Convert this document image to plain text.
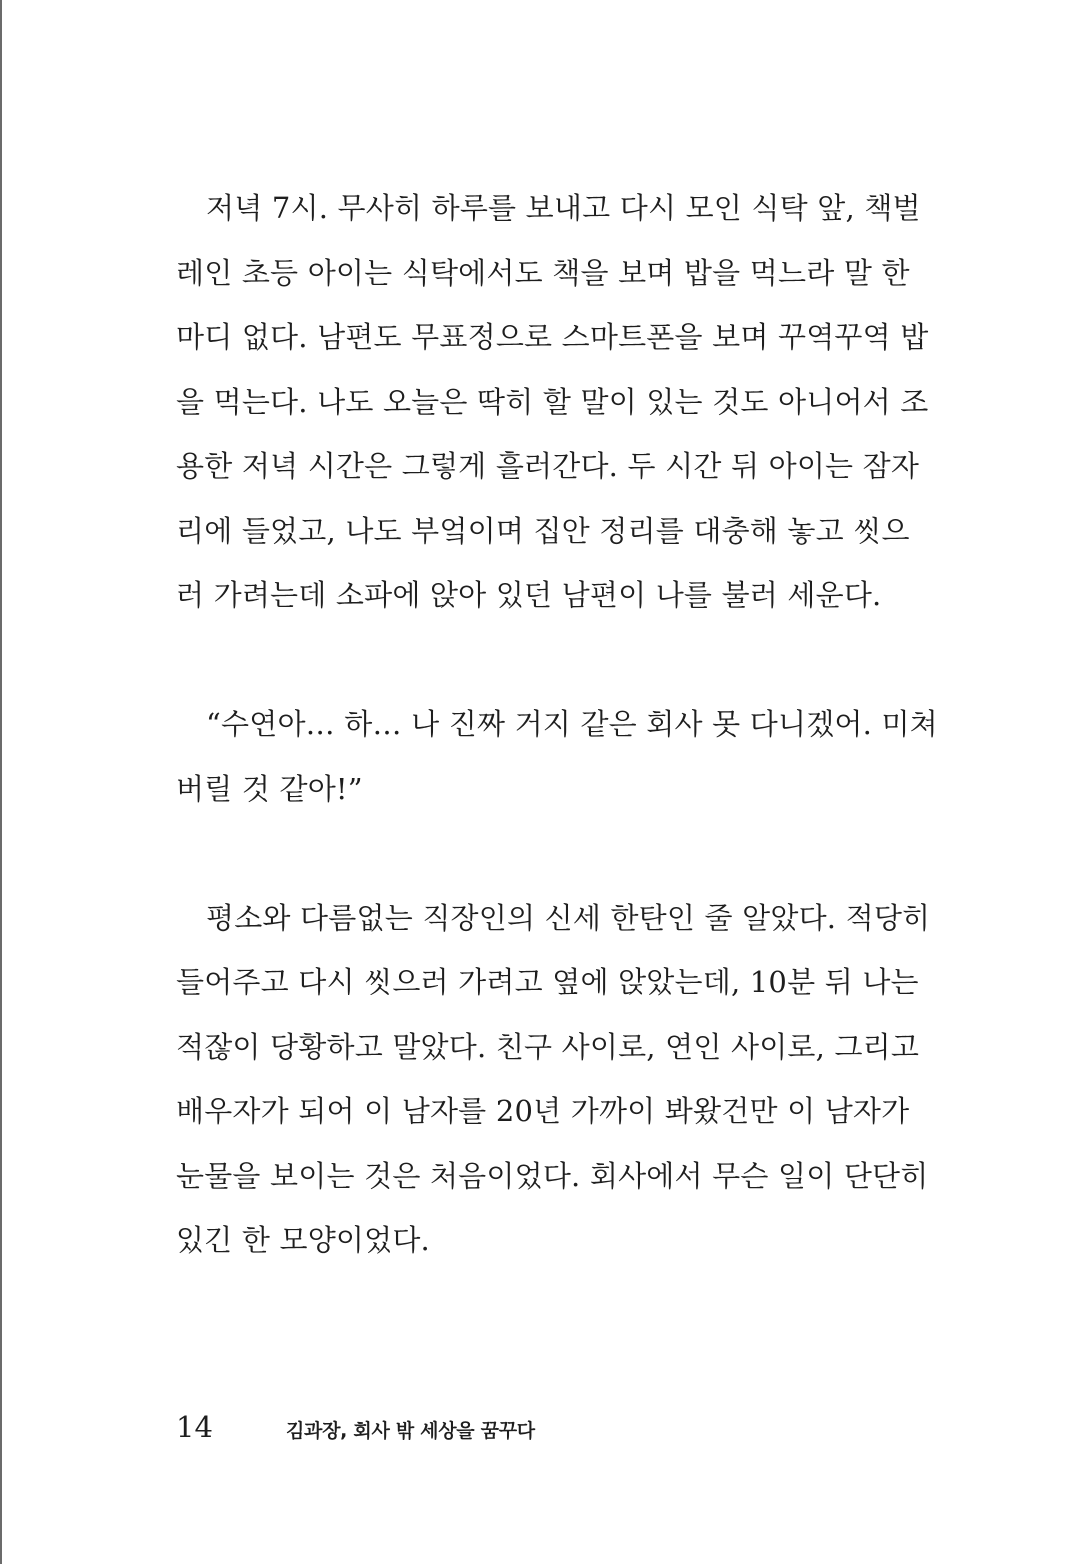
저녁 7시. 무사히 하루를 보내고 다시 모인 식탁 앞, 책벌
레인 초등 아이는 식탁에서도 책을 보며 밥을 먹느라 말 한
마디 없다. 남편도 무표정으로 스마트폰을 보며 꾸역꾸역 밥
을 먹는다. 나도 오늘은 딱히 할 말이 있는 것도 아니어서 조
용한 저녁 시간은 그렇게 흘러간다. 두 시간 뒤 아이는 잠자
리에 들었고, 나도 부엌이며 집안 정리를 대충해 놓고 씻으
러 가려는데 소파에 앉아 있던 남편이 나를 불러 세운다.
“수연아… 하… 나 진짜 거지 같은 회사 못 다니겠어. 미쳐
버릴 것 같아!”
평소와 다름없는 직장인의 신세 한탄인 줄 알았다. 적당히
들어주고 다시 씻으러 가려고 옆에 앉았는데, 10분 뒤 나는
적잖이 당황하고 말았다. 친구 사이로, 연인 사이로, 그리고
배우자가 되어 이 남자를 20년 가까이 봐왔건만 이 남자가
눈물을 보이는 것은 처음이었다. 회사에서 무슨 일이 단단히
있긴 한 모양이었다.
14	김과장, 회사 밖 세상을 꿈꾸다
